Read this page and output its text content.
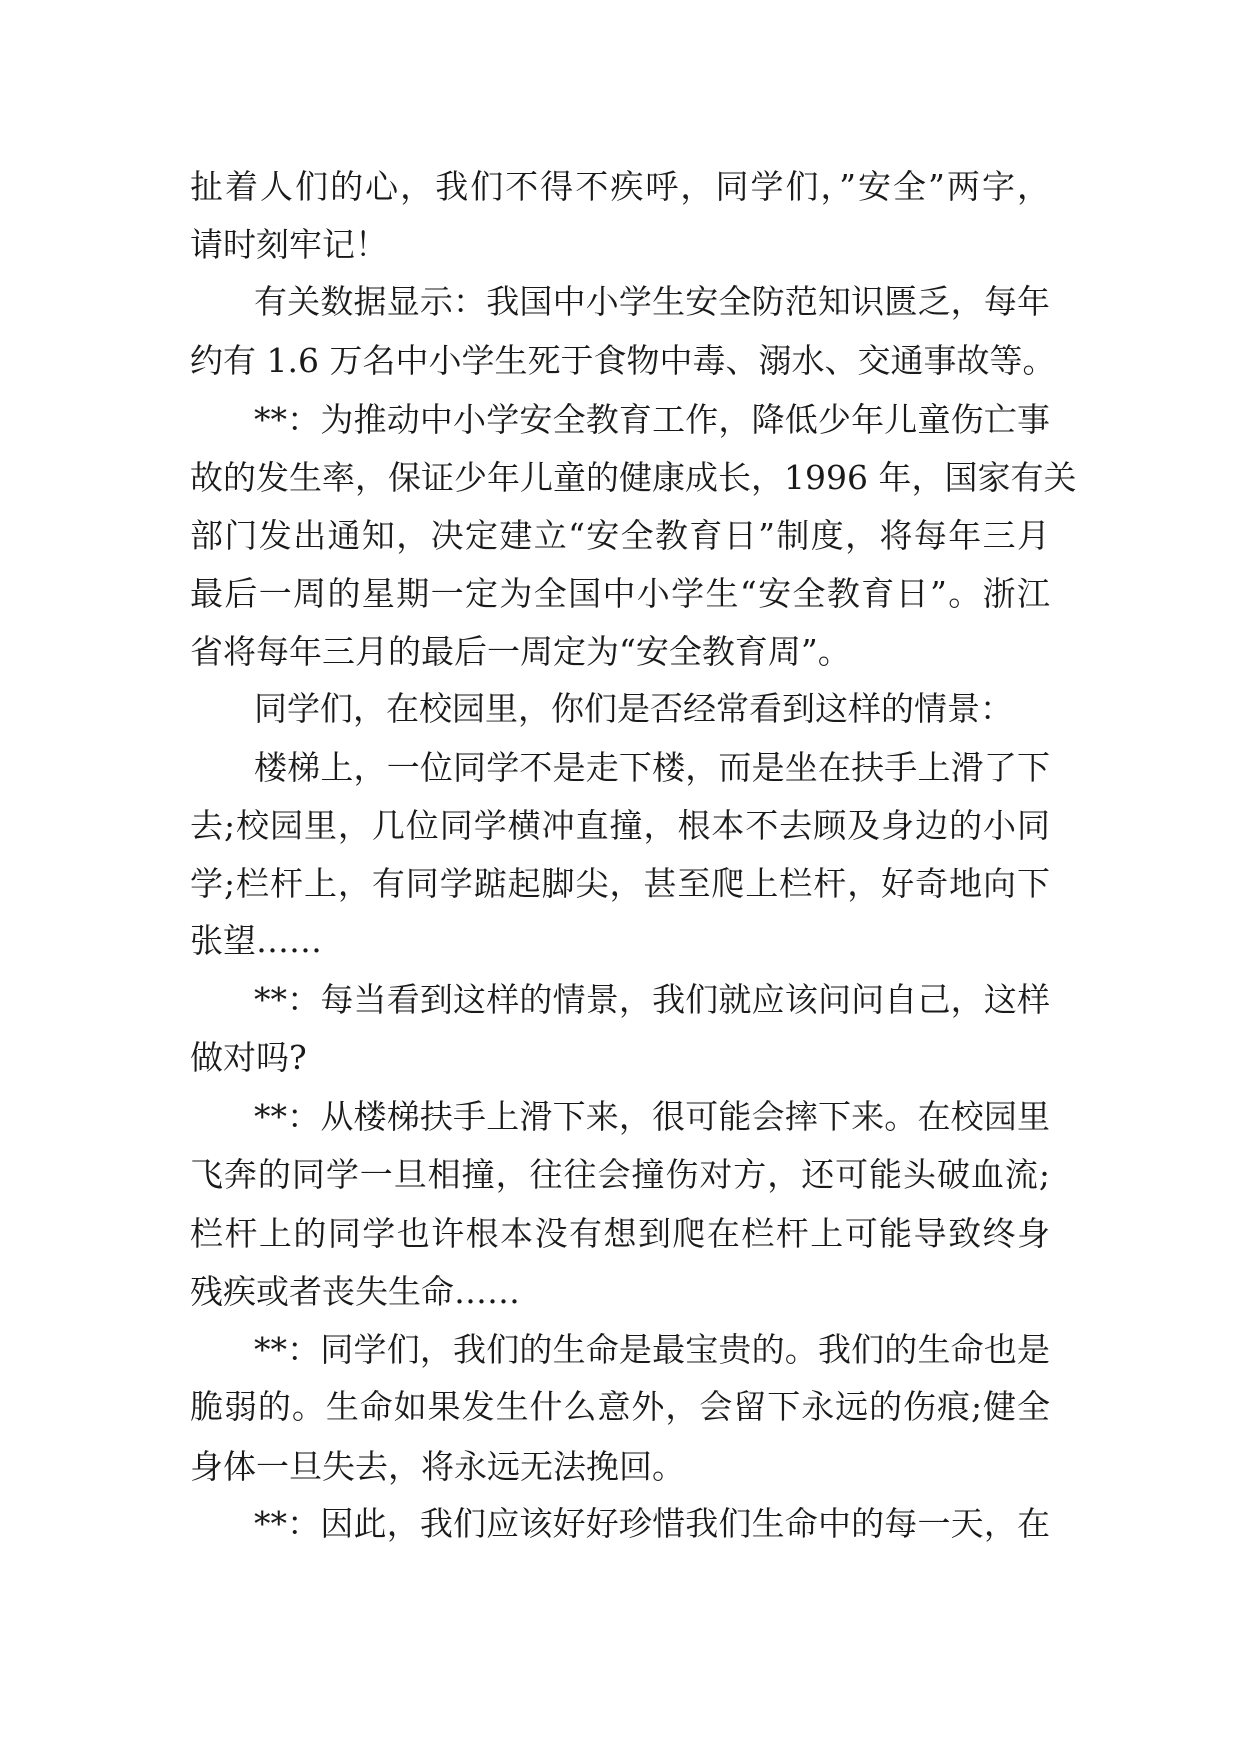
扯着人们的心，我们不得不疾呼，同学们，”安全”两字，
请时刻牢记！
有关数据显示：我国中小学生安全防范知识匮乏，每年
约有 1.6 万名中小学生死于食物中毒、溺水、交通事故等。
**：为推动中小学安全教育工作，降低少年儿童伤亡事
故的发生率，保证少年儿童的健康成长，1996 年，国家有关
部门发出通知，决定建立“安全教育日”制度，将每年三月
最后一周的星期一定为全国中小学生“安全教育日”。浙江
省将每年三月的最后一周定为“安全教育周”。
同学们，在校园里，你们是否经常看到这样的情景：
楼梯上，一位同学不是走下楼，而是坐在扶手上滑了下
去;校园里，几位同学横冲直撞，根本不去顾及身边的小同
学;栏杆上，有同学踮起脚尖，甚至爬上栏杆，好奇地向下
张望……
**：每当看到这样的情景，我们就应该问问自己，这样
做对吗?
**：从楼梯扶手上滑下来，很可能会摔下来。在校园里
飞奔的同学一旦相撞，往往会撞伤对方，还可能头破血流;
栏杆上的同学也许根本没有想到爬在栏杆上可能导致终身
残疾或者丧失生命……
**：同学们，我们的生命是最宝贵的。我们的生命也是
脆弱的。生命如果发生什么意外，会留下永远的伤痕;健全
身体一旦失去，将永远无法挽回。
**：因此，我们应该好好珍惜我们生命中的每一天，在
